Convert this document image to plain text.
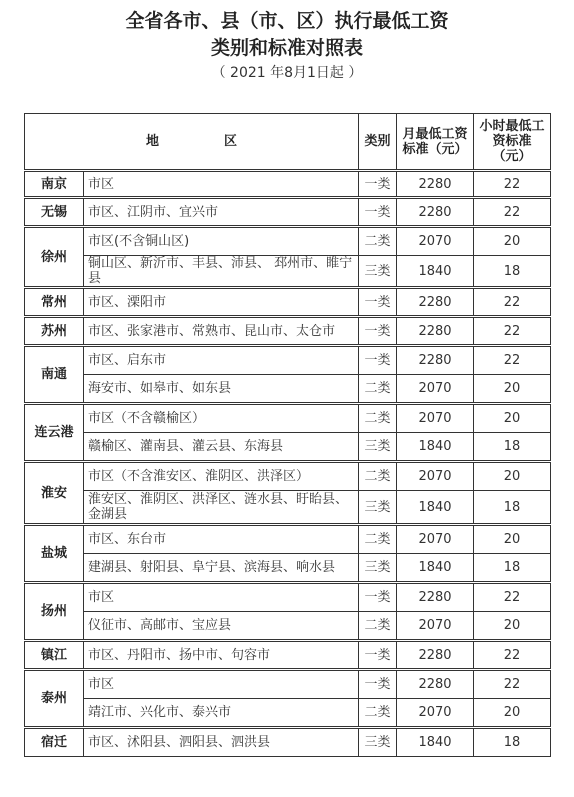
全省各市、县（市、区）执行最低工资
类别和标准对照表
（ 2021 年8月1日起 ）
地　　　　　区		类别	月最低工资标准（元）	小时最低工资标准（元）
南京	市区	一类	2280	22
无锡	市区、江阴市、宜兴市	一类	2280	22
徐州	市区(不含铜山区)	二类	2070	20
	铜山区、新沂市、丰县、沛县、 邳州市、睢宁县	三类	1840	18
常州	市区、溧阳市	一类	2280	22
苏州	市区、张家港市、常熟市、昆山市、太仓市	一类	2280	22
南通	市区、启东市	一类	2280	22
	海安市、如皋市、如东县	二类	2070	20
连云港	市区（不含赣榆区）	二类	2070	20
	赣榆区、灌南县、灌云县、东海县	三类	1840	18
淮安	市区（不含淮安区、淮阴区、洪泽区）	二类	2070	20
	淮安区、淮阴区、洪泽区、涟水县、盱眙县、金湖县	三类	1840	18
盐城	市区、东台市	二类	2070	20
	建湖县、射阳县、阜宁县、滨海县、响水县	三类	1840	18
扬州	市区	一类	2280	22
	仪征市、高邮市、宝应县	二类	2070	20
镇江	市区、丹阳市、扬中市、句容市	一类	2280	22
泰州	市区	一类	2280	22
	靖江市、兴化市、泰兴市	二类	2070	20
宿迁	市区、沭阳县、泗阳县、泗洪县	三类	1840	18
